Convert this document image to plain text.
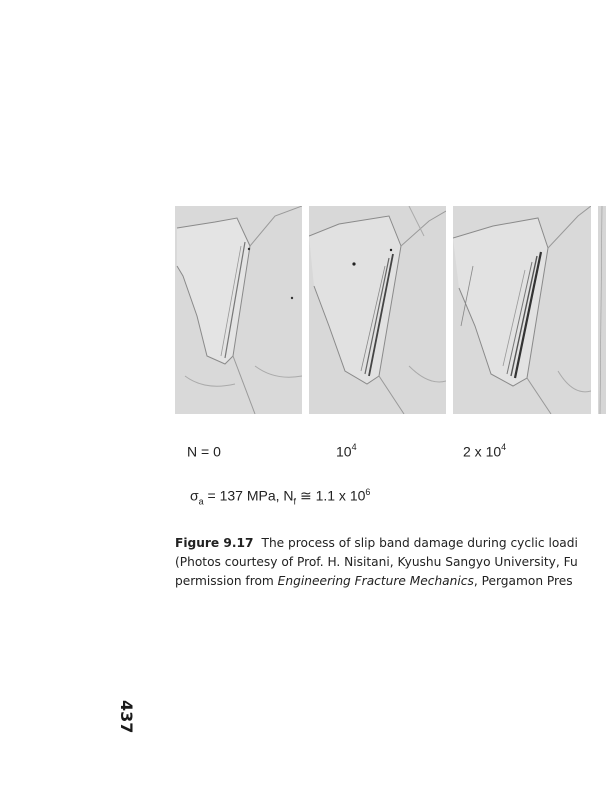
N = 0	$10^4$	2 x $10^4$
$\sigma_a = 137$ MPa, $N_f$ ≅ 1.1 x $10^6$
Figure 9.17 The process of slip band damage during cyclic loadi
(Photos courtesy of Prof. H. Nisitani, Kyushu Sangyo University, Fu
permission from Engineering Fracture Mechanics, Pergamon Pres
437
